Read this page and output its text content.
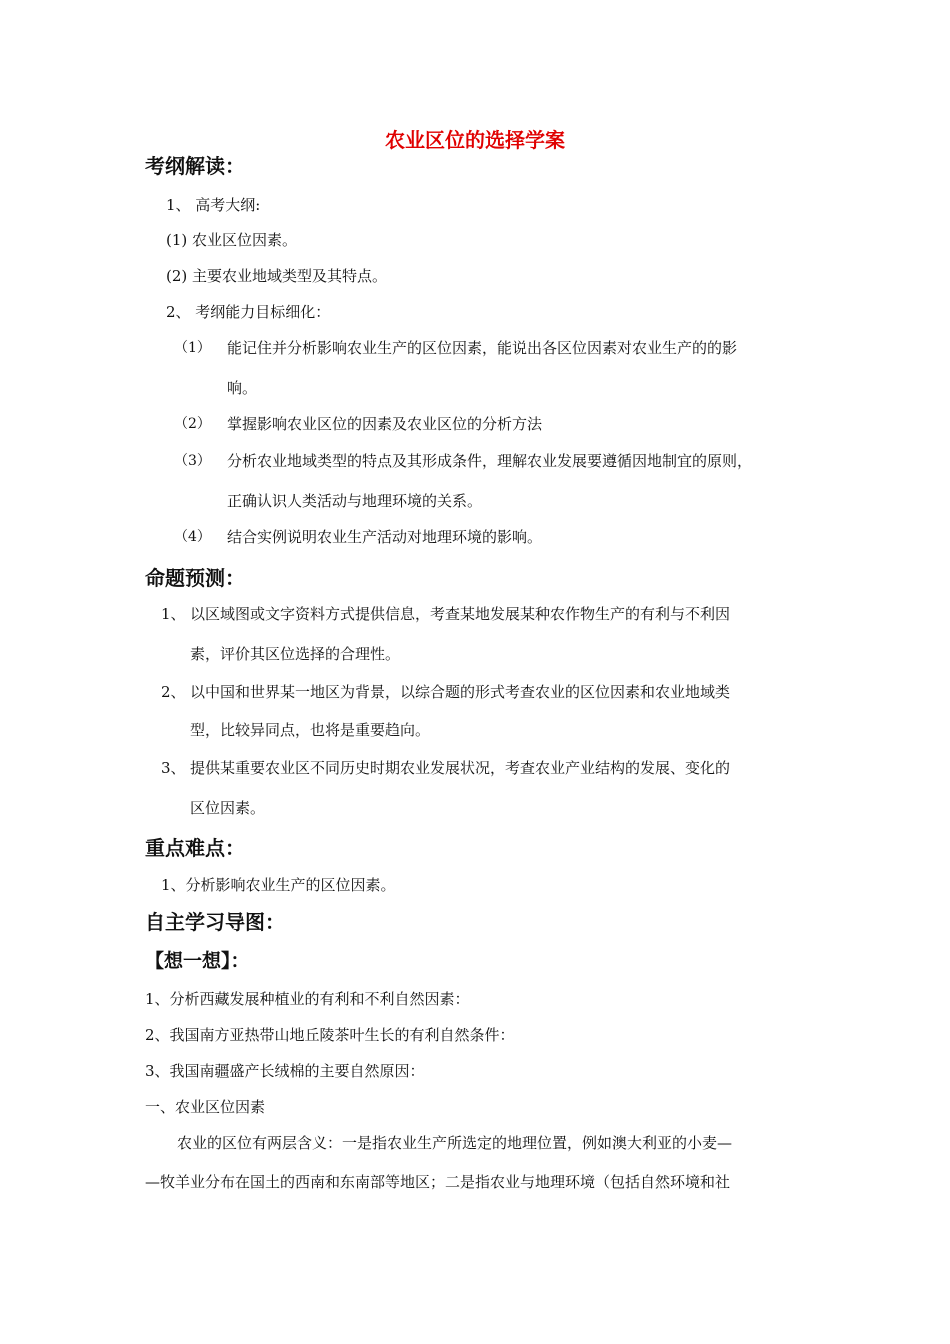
农业区位的选择学案
考纲解读：
1、 高考大纲:
(1) 农业区位因素。
(2) 主要农业地域类型及其特点。
2、 考纲能力目标细化：
（1） 能记住并分析影响农业生产的区位因素，能说出各区位因素对农业生产的的影
响。
（2） 掌握影响农业区位的因素及农业区位的分析方法
（3） 分析农业地域类型的特点及其形成条件，理解农业发展要遵循因地制宜的原则，
正确认识人类活动与地理环境的关系。
（4） 结合实例说明农业生产活动对地理环境的影响。
命题预测：
1、 以区域图或文字资料方式提供信息，考查某地发展某种农作物生产的有利与不利因
素，评价其区位选择的合理性。
2、 以中国和世界某一地区为背景，以综合题的形式考查农业的区位因素和农业地域类
型，比较异同点，也将是重要趋向。
3、 提供某重要农业区不同历史时期农业发展状况，考查农业产业结构的发展、变化的
区位因素。
重点难点：
1、分析影响农业生产的区位因素。
自主学习导图：
【想一想】：
1、分析西藏发展种植业的有利和不利自然因素：
2、我国南方亚热带山地丘陵茶叶生长的有利自然条件：
3、我国南疆盛产长绒棉的主要自然原因：
一、农业区位因素
农业的区位有两层含义：一是指农业生产所选定的地理位置，例如澳大利亚的小麦—
—牧羊业分布在国土的西南和东南部等地区；二是指农业与地理环境（包括自然环境和社
